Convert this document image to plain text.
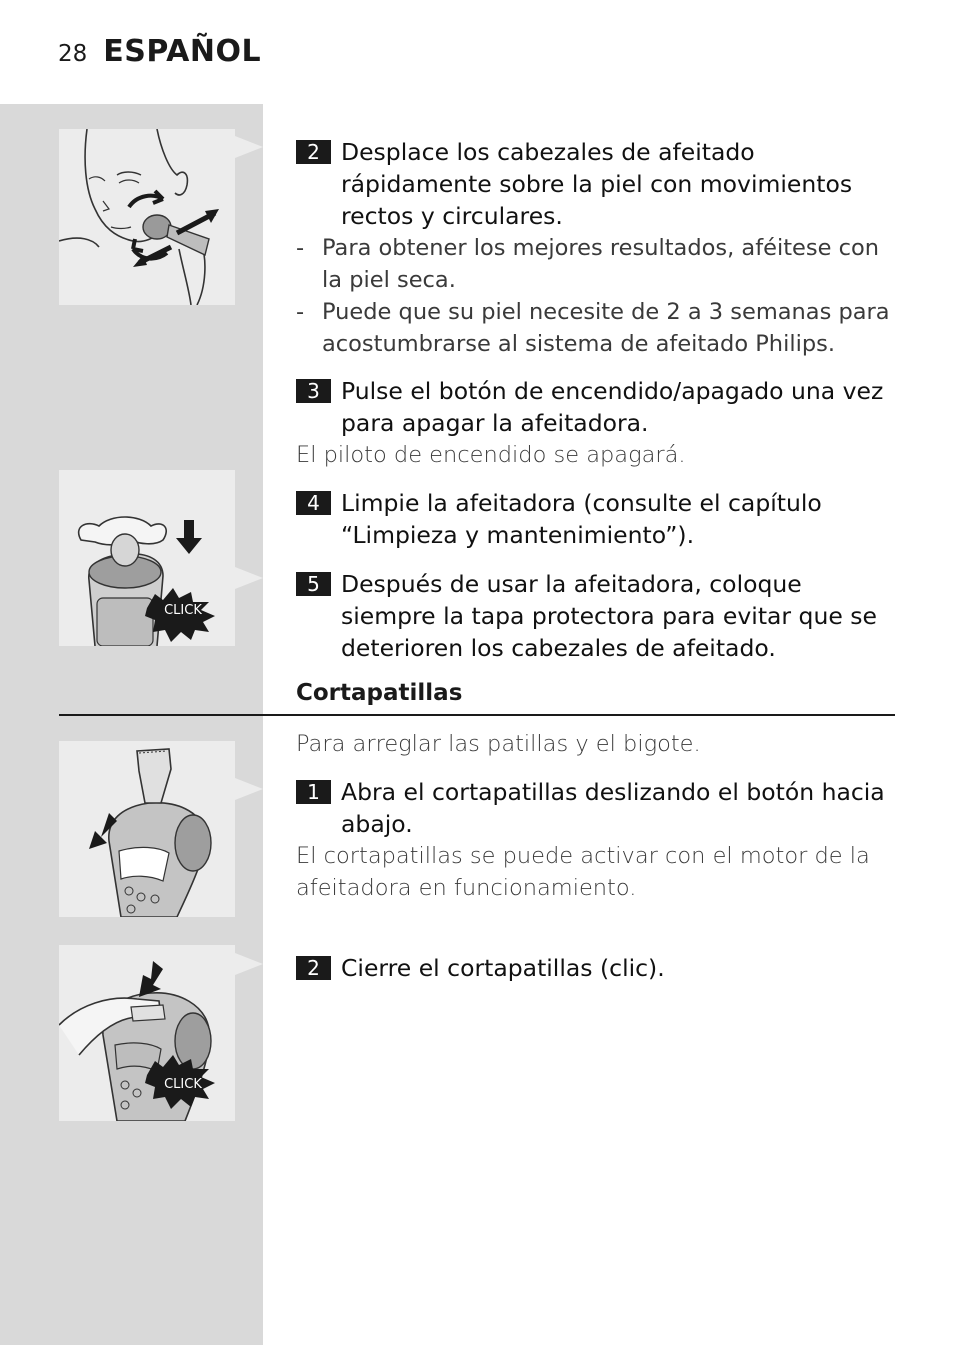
28 ESPAÑOL
CLICK
CLICK
2 Desplace los cabezales de afeitado rápidamente sobre la piel con movimientos rectos y circulares.
- Para obtener los mejores resultados, aféitese con la piel seca.
- Puede que su piel necesite de 2 a 3 semanas para acostumbrarse al sistema de afeitado Philips.
3 Pulse el botón de encendido/apagado una vez para apagar la afeitadora.
El piloto de encendido se apagará.
4 Limpie la afeitadora (consulte el capítulo “Limpieza y mantenimiento”).
5 Después de usar la afeitadora, coloque siempre la tapa protectora para evitar que se deterioren los cabezales de afeitado.
Cortapatillas
Para arreglar las patillas y el bigote.
1 Abra el cortapatillas deslizando el botón hacia abajo.
El cortapatillas se puede activar con el motor de la afeitadora en funcionamiento.
2 Cierre el cortapatillas (clic).
